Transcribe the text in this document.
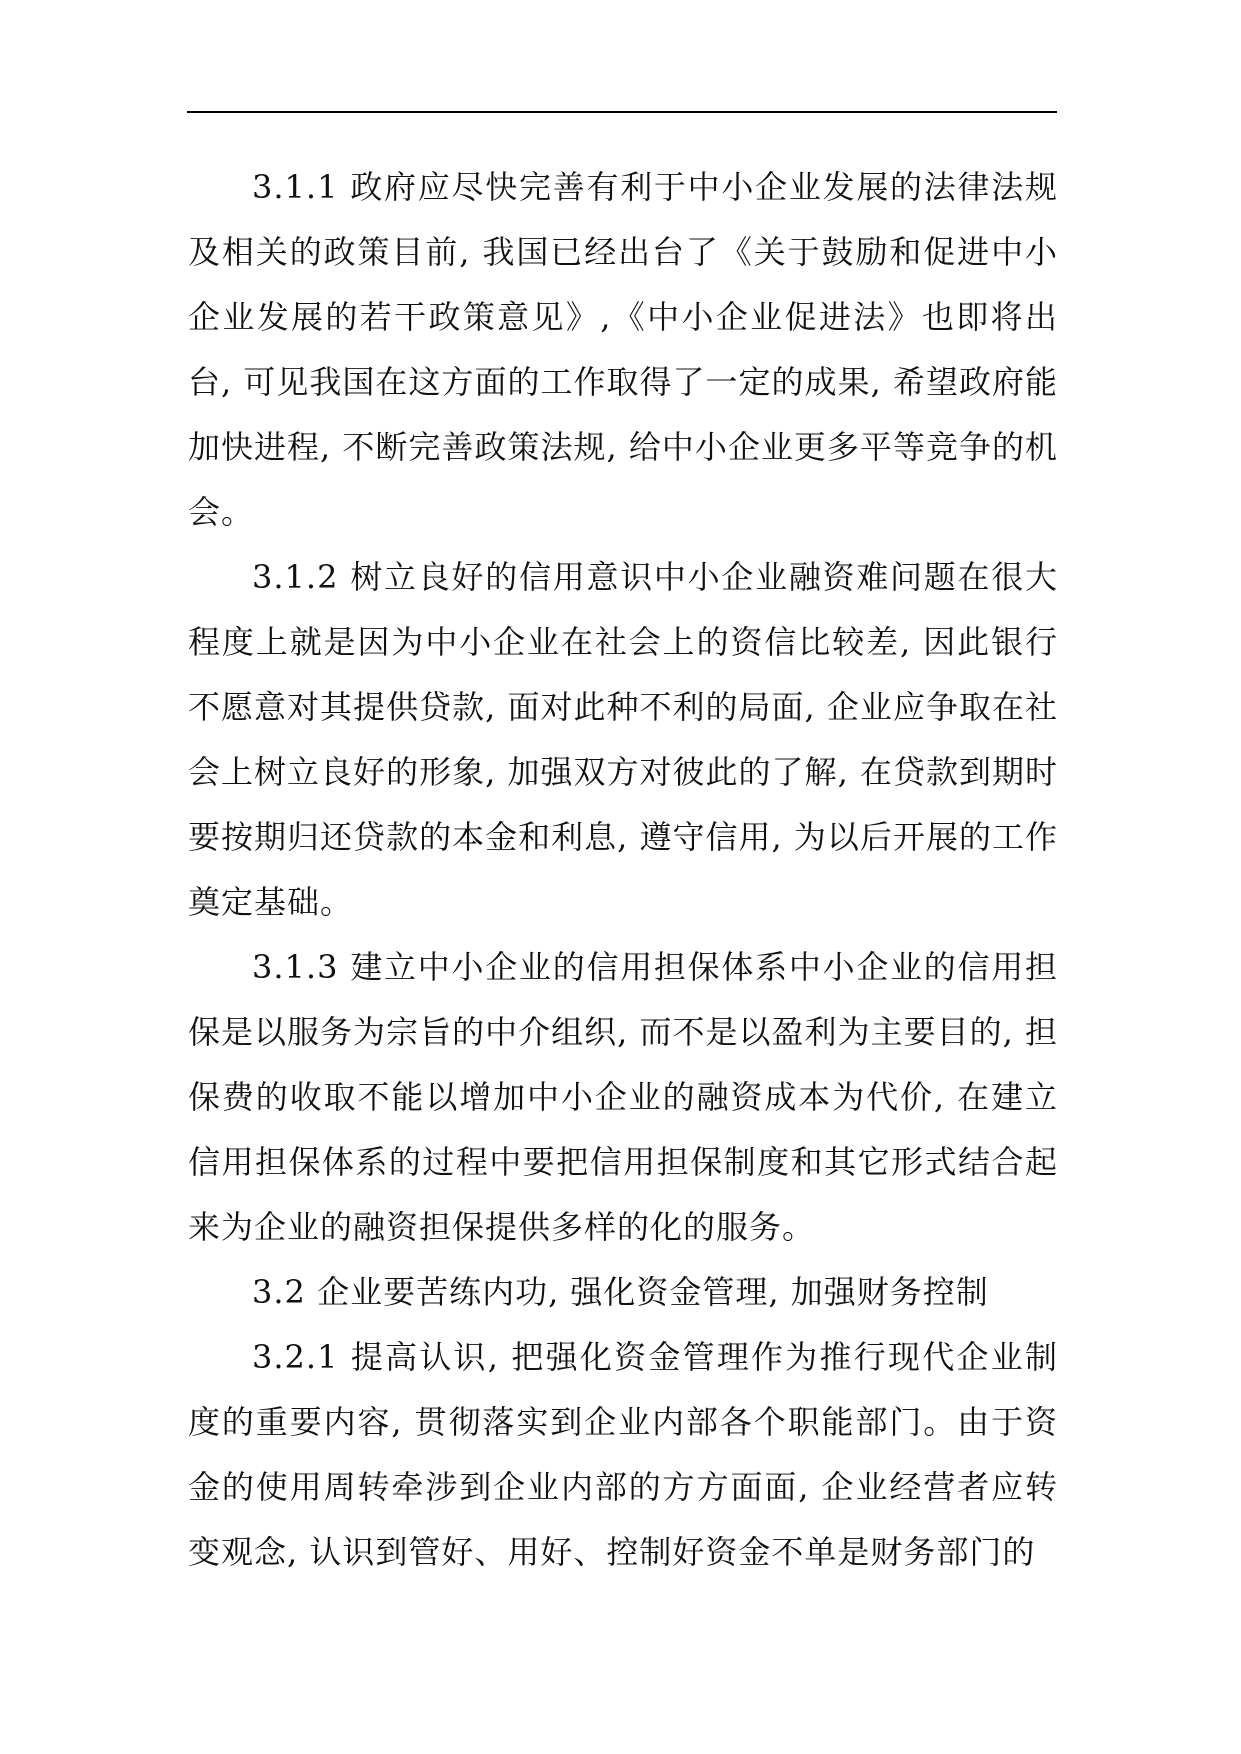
3.1.1 政府应尽快完善有利于中小企业发展的法律法规及相关的政策目前, 我国已经出台了《关于鼓励和促进中小企业发展的若干政策意见》,《中小企业促进法》也即将出台, 可见我国在这方面的工作取得了一定的成果, 希望政府能加快进程, 不断完善政策法规, 给中小企业更多平等竞争的机会。

3.1.2 树立良好的信用意识中小企业融资难问题在很大程度上就是因为中小企业在社会上的资信比较差, 因此银行不愿意对其提供贷款, 面对此种不利的局面, 企业应争取在社会上树立良好的形象, 加强双方对彼此的了解, 在贷款到期时要按期归还贷款的本金和利息, 遵守信用, 为以后开展的工作奠定基础。

3.1.3 建立中小企业的信用担保体系中小企业的信用担保是以服务为宗旨的中介组织, 而不是以盈利为主要目的, 担保费的收取不能以增加中小企业的融资成本为代价, 在建立信用担保体系的过程中要把信用担保制度和其它形式结合起来为企业的融资担保提供多样的化的服务。

3.2 企业要苦练内功, 强化资金管理, 加强财务控制

3.2.1 提高认识, 把强化资金管理作为推行现代企业制度的重要内容, 贯彻落实到企业内部各个职能部门。由于资金的使用周转牵涉到企业内部的方方面面, 企业经营者应转变观念, 认识到管好、用好、控制好资金不单是财务部门的
